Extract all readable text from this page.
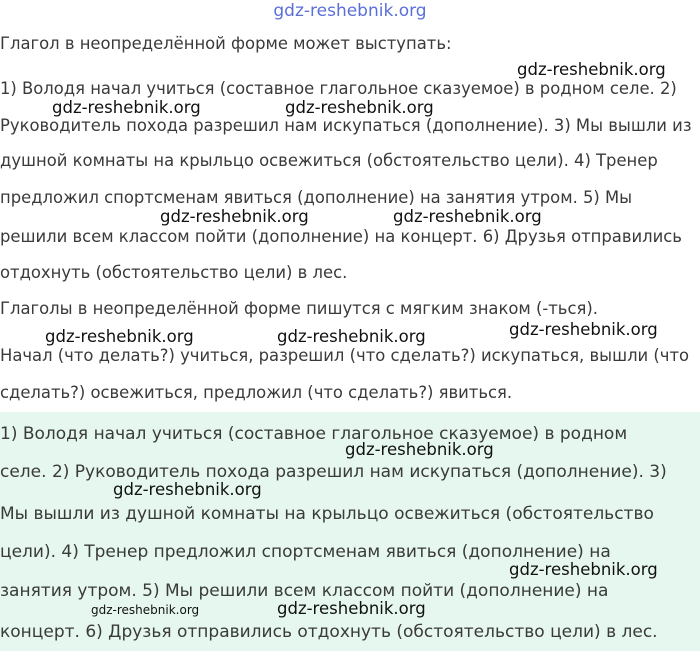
gdz-reshebnik.org
Глагол в неопределённой форме может выступать:
1) Володя начал учиться (составное глагольное сказуемое) в родном селе. 2)
Руководитель похода разрешил нам искупаться (дополнение). 3) Мы вышли из
душной комнаты на крыльцо освежиться (обстоятельство цели). 4) Тренер
предложил спортсменам явиться (дополнение) на занятия утром. 5) Мы
решили всем классом пойти (дополнение) на концерт. 6) Друзья отправились
отдохнуть (обстоятельство цели) в лес.
Глаголы в неопределённой форме пишутся с мягким знаком (-ться).
Начал (что делать?) учиться, разрешил (что сделать?) искупаться, вышли (что
сделать?) освежиться, предложил (что сделать?) явиться.
1) Володя начал учиться (составное глагольное сказуемое) в родном
селе. 2) Руководитель похода разрешил нам искупаться (дополнение). 3)
Мы вышли из душной комнаты на крыльцо освежиться (обстоятельство
цели). 4) Тренер предложил спортсменам явиться (дополнение) на
занятия утром. 5) Мы решили всем классом пойти (дополнение) на
концерт. 6) Друзья отправились отдохнуть (обстоятельство цели) в лес.
gdz-reshebnik.org
gdz-reshebnik.org	gdz-reshebnik.org
gdz-reshebnik.org	gdz-reshebnik.org
gdz-reshebnik.org
gdz-reshebnik.org	gdz-reshebnik.org
gdz-reshebnik.org
gdz-reshebnik.org
gdz-reshebnik.org
gdz-reshebnik.org	gdz-reshebnik.org
